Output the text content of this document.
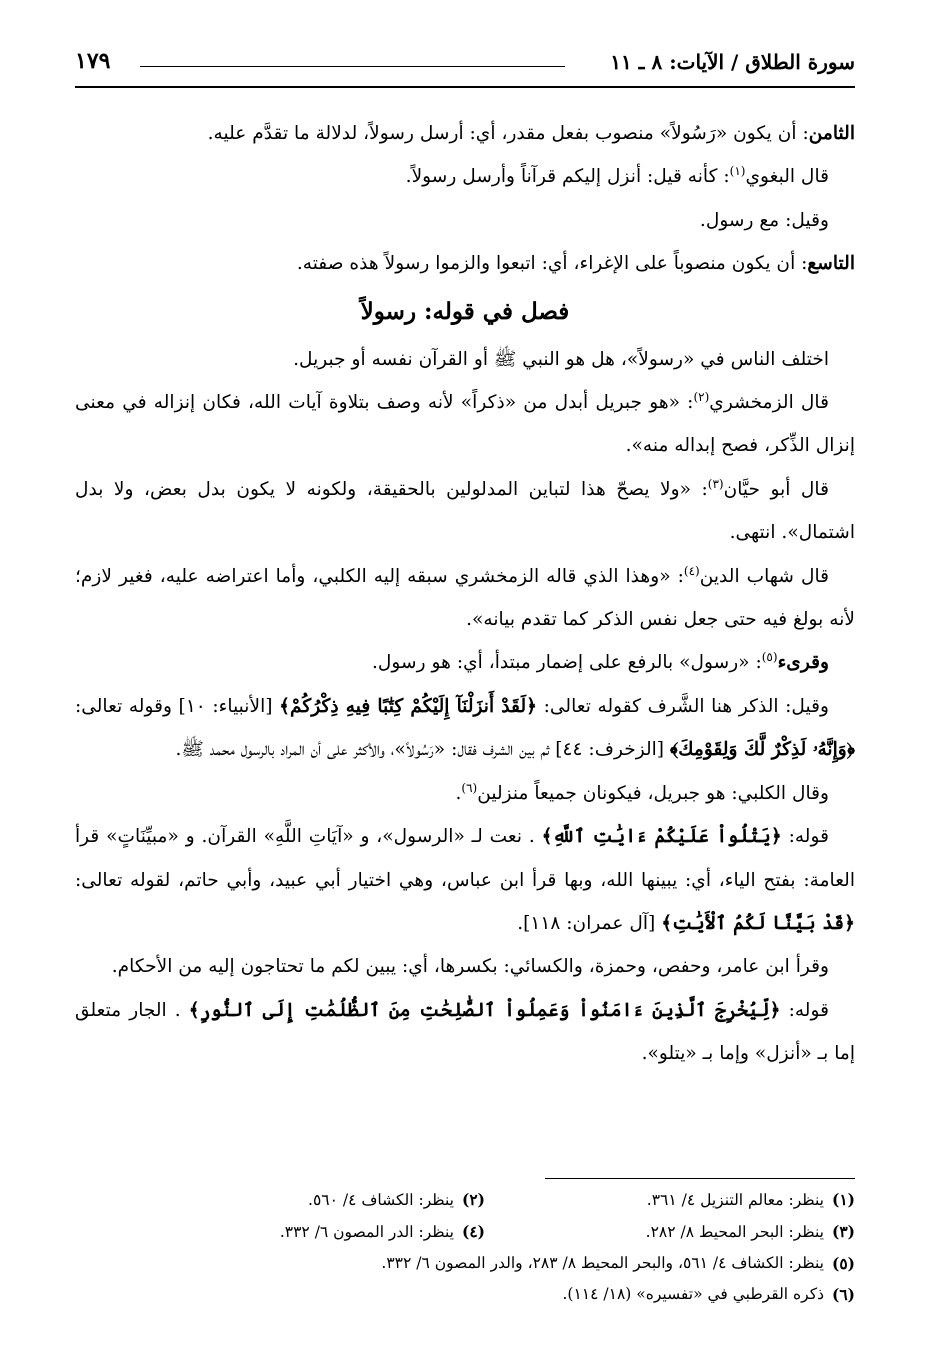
سورة الطلاق / الآيات: ٨ ـ ١١
١٧٩

الثامن: أن يكون «رَسُولاً» منصوب بفعل مقدر، أي: أرسل رسولاً، لدلالة ما تقدَّم عليه.

قال البغوي$^{(١)}$: كأنه قيل: أنزل إليكم قرآناً وأرسل رسولاً.

وقيل: مع رسول.

التاسع: أن يكون منصوباً على الإغراء، أي: اتبعوا والزموا رسولاً هذه صفته.

فصل في قوله: رسولاً

اختلف الناس في «رسولاً»، هل هو النبي ﷺ أو القرآن نفسه أو جبريل.

قال الزمخشري$^{(٢)}$: «هو جبريل أبدل من «ذكراً» لأنه وصف بتلاوة آيات الله، فكان إنزاله في معنى إنزال الذِّكر، فصح إبداله منه».

قال أبو حيَّان$^{(٣)}$: «ولا يصحّ هذا لتباين المدلولين بالحقيقة، ولكونه لا يكون بدل بعض، ولا بدل اشتمال». انتهى.

قال شهاب الدين$^{(٤)}$: «وهذا الذي قاله الزمخشري سبقه إليه الكلبي، وأما اعتراضه عليه، فغير لازم؛ لأنه بولغ فيه حتى جعل نفس الذكر كما تقدم بيانه».

وقرىء$^{(٥)}$: «رسول» بالرفع على إضمار مبتدأ، أي: هو رسول.

وقيل: الذكر هنا الشَّرف كقوله تعالى: ﴿لَقَدْ أَنزَلْنَآ إِلَيْكُمْ كِتَٰبًا فِيهِ ذِكْرُكُمْ﴾ [الأنبياء: ١٠] وقوله تعالى: ﴿وَإِنَّهُۥ لَذِكْرٌ لَّكَ وَلِقَوْمِكَ﴾ [الزخرف: ٤٤] ثم بين الشرف فقال: «رَسُولاً»، والأكثر على أن المراد بالرسول محمد ﷺ.

وقال الكلبي: هو جبريل، فيكونان جميعاً منزلين$^{(٦)}$.

قوله: ﴿يَتْلُواْ عَلَيْكُمْ ءَايَٰتِ ٱللَّهِ﴾ . نعت لـ «الرسول»، و «آيَاتِ اللَّهِ» القرآن. و «مبيِّنَاتٍ» قرأ العامة: بفتح الياء، أي: يبينها الله، وبها قرأ ابن عباس، وهي اختيار أبي عبيد، وأبي حاتم، لقوله تعالى: ﴿قَدْ بَيَّنَّا لَكُمُ ٱلْأَيَٰتِ﴾ [آل عمران: ١١٨].

وقرأ ابن عامر، وحفص، وحمزة، والكسائي: بكسرها، أي: يبين لكم ما تحتاجون إليه من الأحكام.

قوله: ﴿لِّيُخْرِجَ ٱلَّذِينَ ءَامَنُواْ وَعَمِلُواْ ٱلصَّٰلِحَٰتِ مِنَ ٱلظُّلُمَٰتِ إِلَى ٱلنُّورِ﴾ . الجار متعلق إما بـ «أنزل» وإما بـ «يتلو».

(١)ينظر: معالم التنزيل ٤/ ٣٦١.
(٢)ينظر: الكشاف ٤/ ٥٦٠.
(٣)ينظر: البحر المحيط ٨/ ٢٨٢.
(٤)ينظر: الدر المصون ٦/ ٣٣٢.
(٥)
ينظر: الكشاف ٤/ ٥٦١، والبحر المحيط ٨/ ٢٨٣، والدر المصون ٦/ ٣٣٢.
(٦)
ذكره القرطبي في «تفسيره» (١٨/ ١١٤).
